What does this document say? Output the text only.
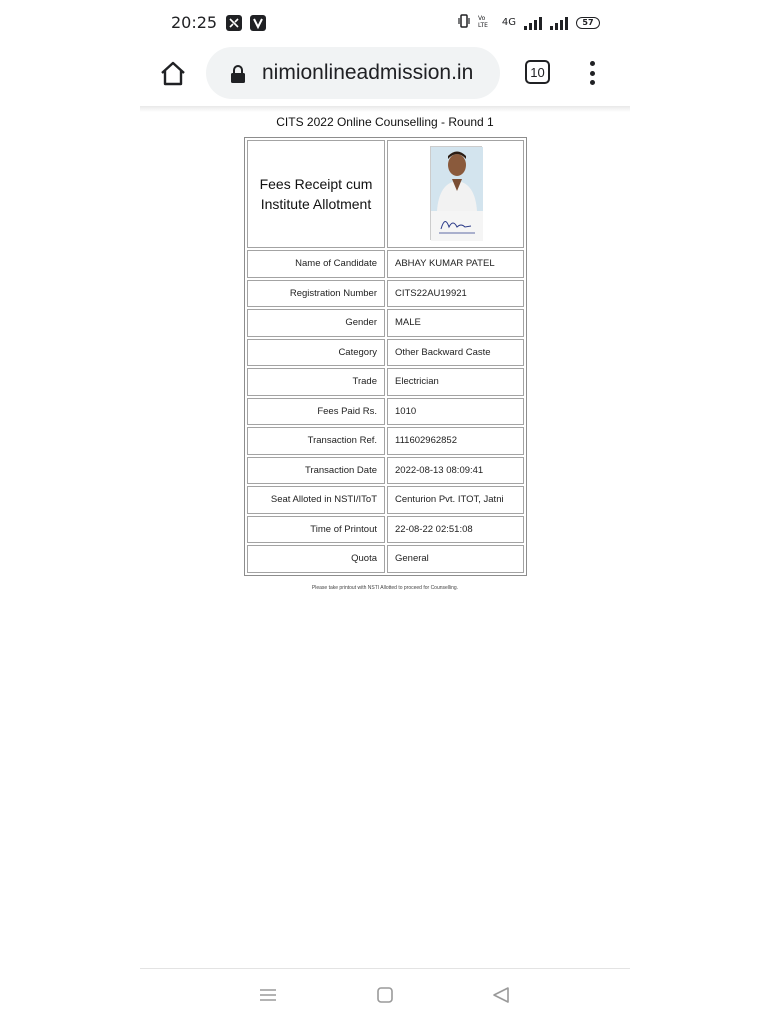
20:25	Vo
LTE 4G	57
nimionlineadmission.in	10
CITS 2022 Online Counselling - Round 1
Fees Receipt cum
Institute Allotment	

Name of Candidate	ABHAY KUMAR PATEL
Registration Number	CITS22AU19921
Gender	MALE
Category	Other Backward Caste
Trade	Electrician
Fees Paid Rs.	1010
Transaction Ref.	111602962852
Transaction Date	2022-08-13 08:09:41
Seat Alloted in NSTI/IToT	Centurion Pvt. ITOT, Jatni
Time of Printout	22-08-22 02:51:08
Quota	General
Please take printout with NSTI Allotted to proceed for Counselling.
